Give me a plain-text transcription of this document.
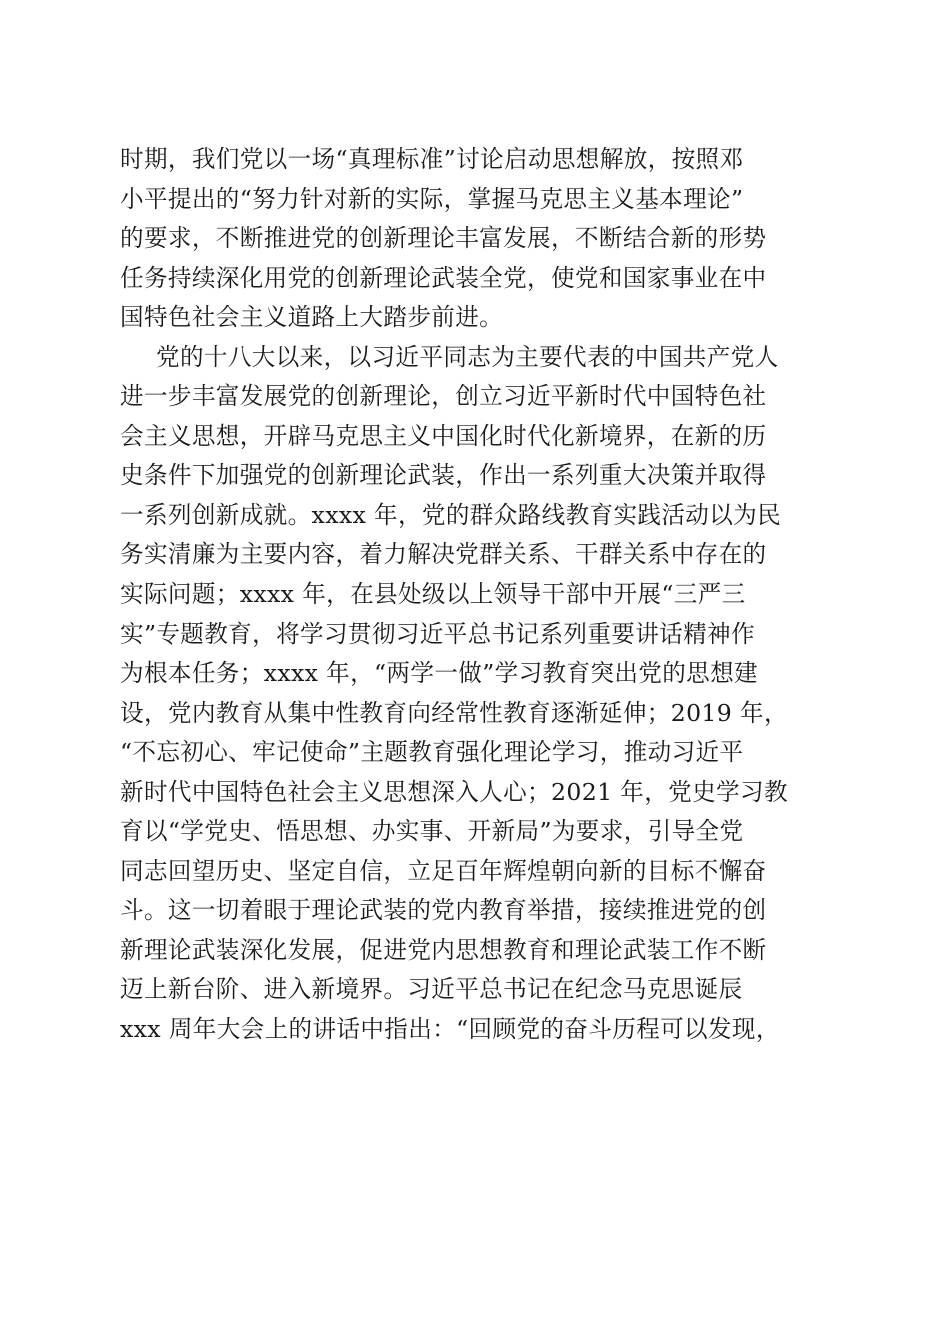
时期，我们党以一场“真理标准”讨论启动思想解放，按照邓
小平提出的“努力针对新的实际，掌握马克思主义基本理论”
的要求，不断推进党的创新理论丰富发展，不断结合新的形势
任务持续深化用党的创新理论武装全党，使党和国家事业在中
国特色社会主义道路上大踏步前进。
党的十八大以来，以习近平同志为主要代表的中国共产党人
进一步丰富发展党的创新理论，创立习近平新时代中国特色社
会主义思想，开辟马克思主义中国化时代化新境界，在新的历
史条件下加强党的创新理论武装，作出一系列重大决策并取得
一系列创新成就。xxxx 年，党的群众路线教育实践活动以为民
务实清廉为主要内容，着力解决党群关系、干群关系中存在的
实际问题；xxxx 年，在县处级以上领导干部中开展“三严三
实”专题教育，将学习贯彻习近平总书记系列重要讲话精神作
为根本任务；xxxx 年，“两学一做”学习教育突出党的思想建
设，党内教育从集中性教育向经常性教育逐渐延伸；2019 年，
“不忘初心、牢记使命”主题教育强化理论学习，推动习近平
新时代中国特色社会主义思想深入人心；2021 年，党史学习教
育以“学党史、悟思想、办实事、开新局”为要求，引导全党
同志回望历史、坚定自信，立足百年辉煌朝向新的目标不懈奋
斗。这一切着眼于理论武装的党内教育举措，接续推进党的创
新理论武装深化发展，促进党内思想教育和理论武装工作不断
迈上新台阶、进入新境界。习近平总书记在纪念马克思诞辰
xxx 周年大会上的讲话中指出：“回顾党的奋斗历程可以发现，
